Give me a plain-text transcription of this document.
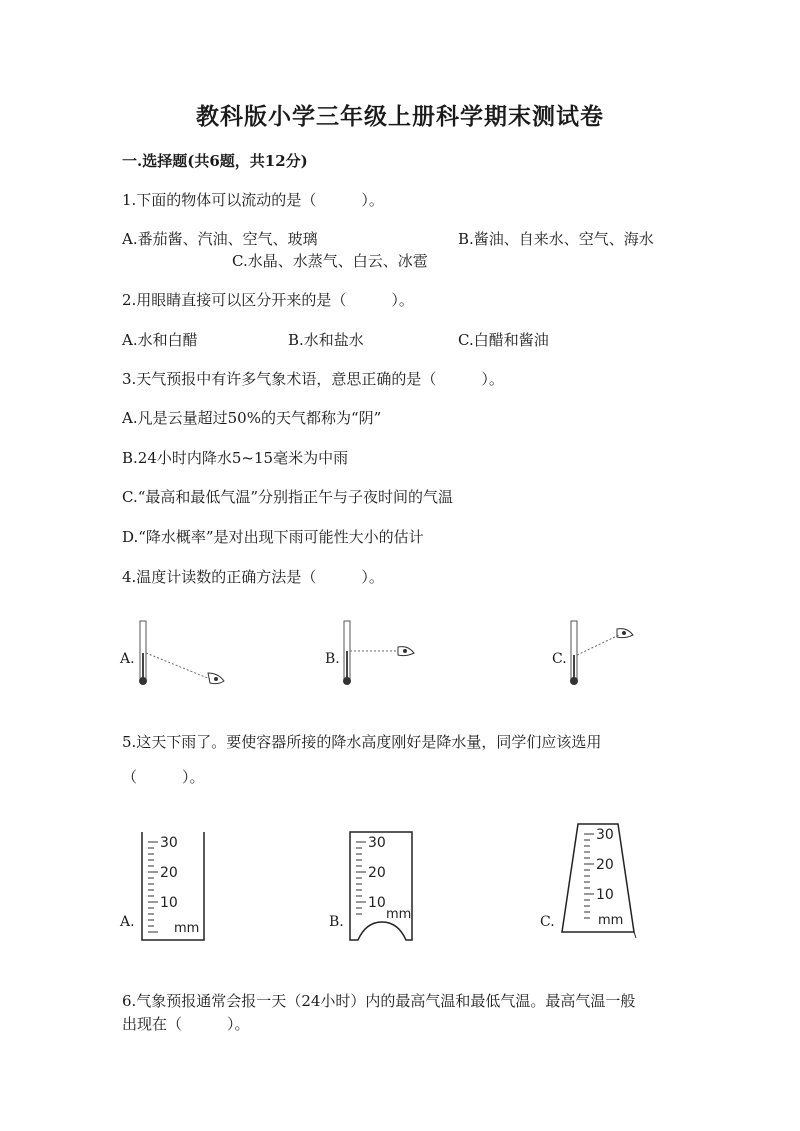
教科版小学三年级上册科学期末测试卷
一.选择题(共6题，共12分)
1.下面的物体可以流动的是（　　　）。
A.番茄酱、汽油、空气、玻璃	B.酱油、自来水、空气、海水
C.水晶、水蒸气、白云、冰雹
2.用眼睛直接可以区分开来的是（　　　）。
A.水和白醋	B.水和盐水	C.白醋和酱油
3.天气预报中有许多气象术语，意思正确的是（　　　）。
A.凡是云量超过50%的天气都称为“阴”
B.24小时内降水5~15毫米为中雨
C.“最高和最低气温”分别指正午与子夜时间的气温
D.“降水概率”是对出现下雨可能性大小的估计
4.温度计读数的正确方法是（　　　）。
A.	B.	C.
5.这天下雨了。要使容器所接的降水高度刚好是降水量，同学们应该选用
（　　　）。
A.
30
20
10
mm	B.
30
20
10
mm	C.
30
20
10
mm
6.气象预报通常会报一天（24小时）内的最高气温和最低气温。最高气温一般
出现在（　　　）。
